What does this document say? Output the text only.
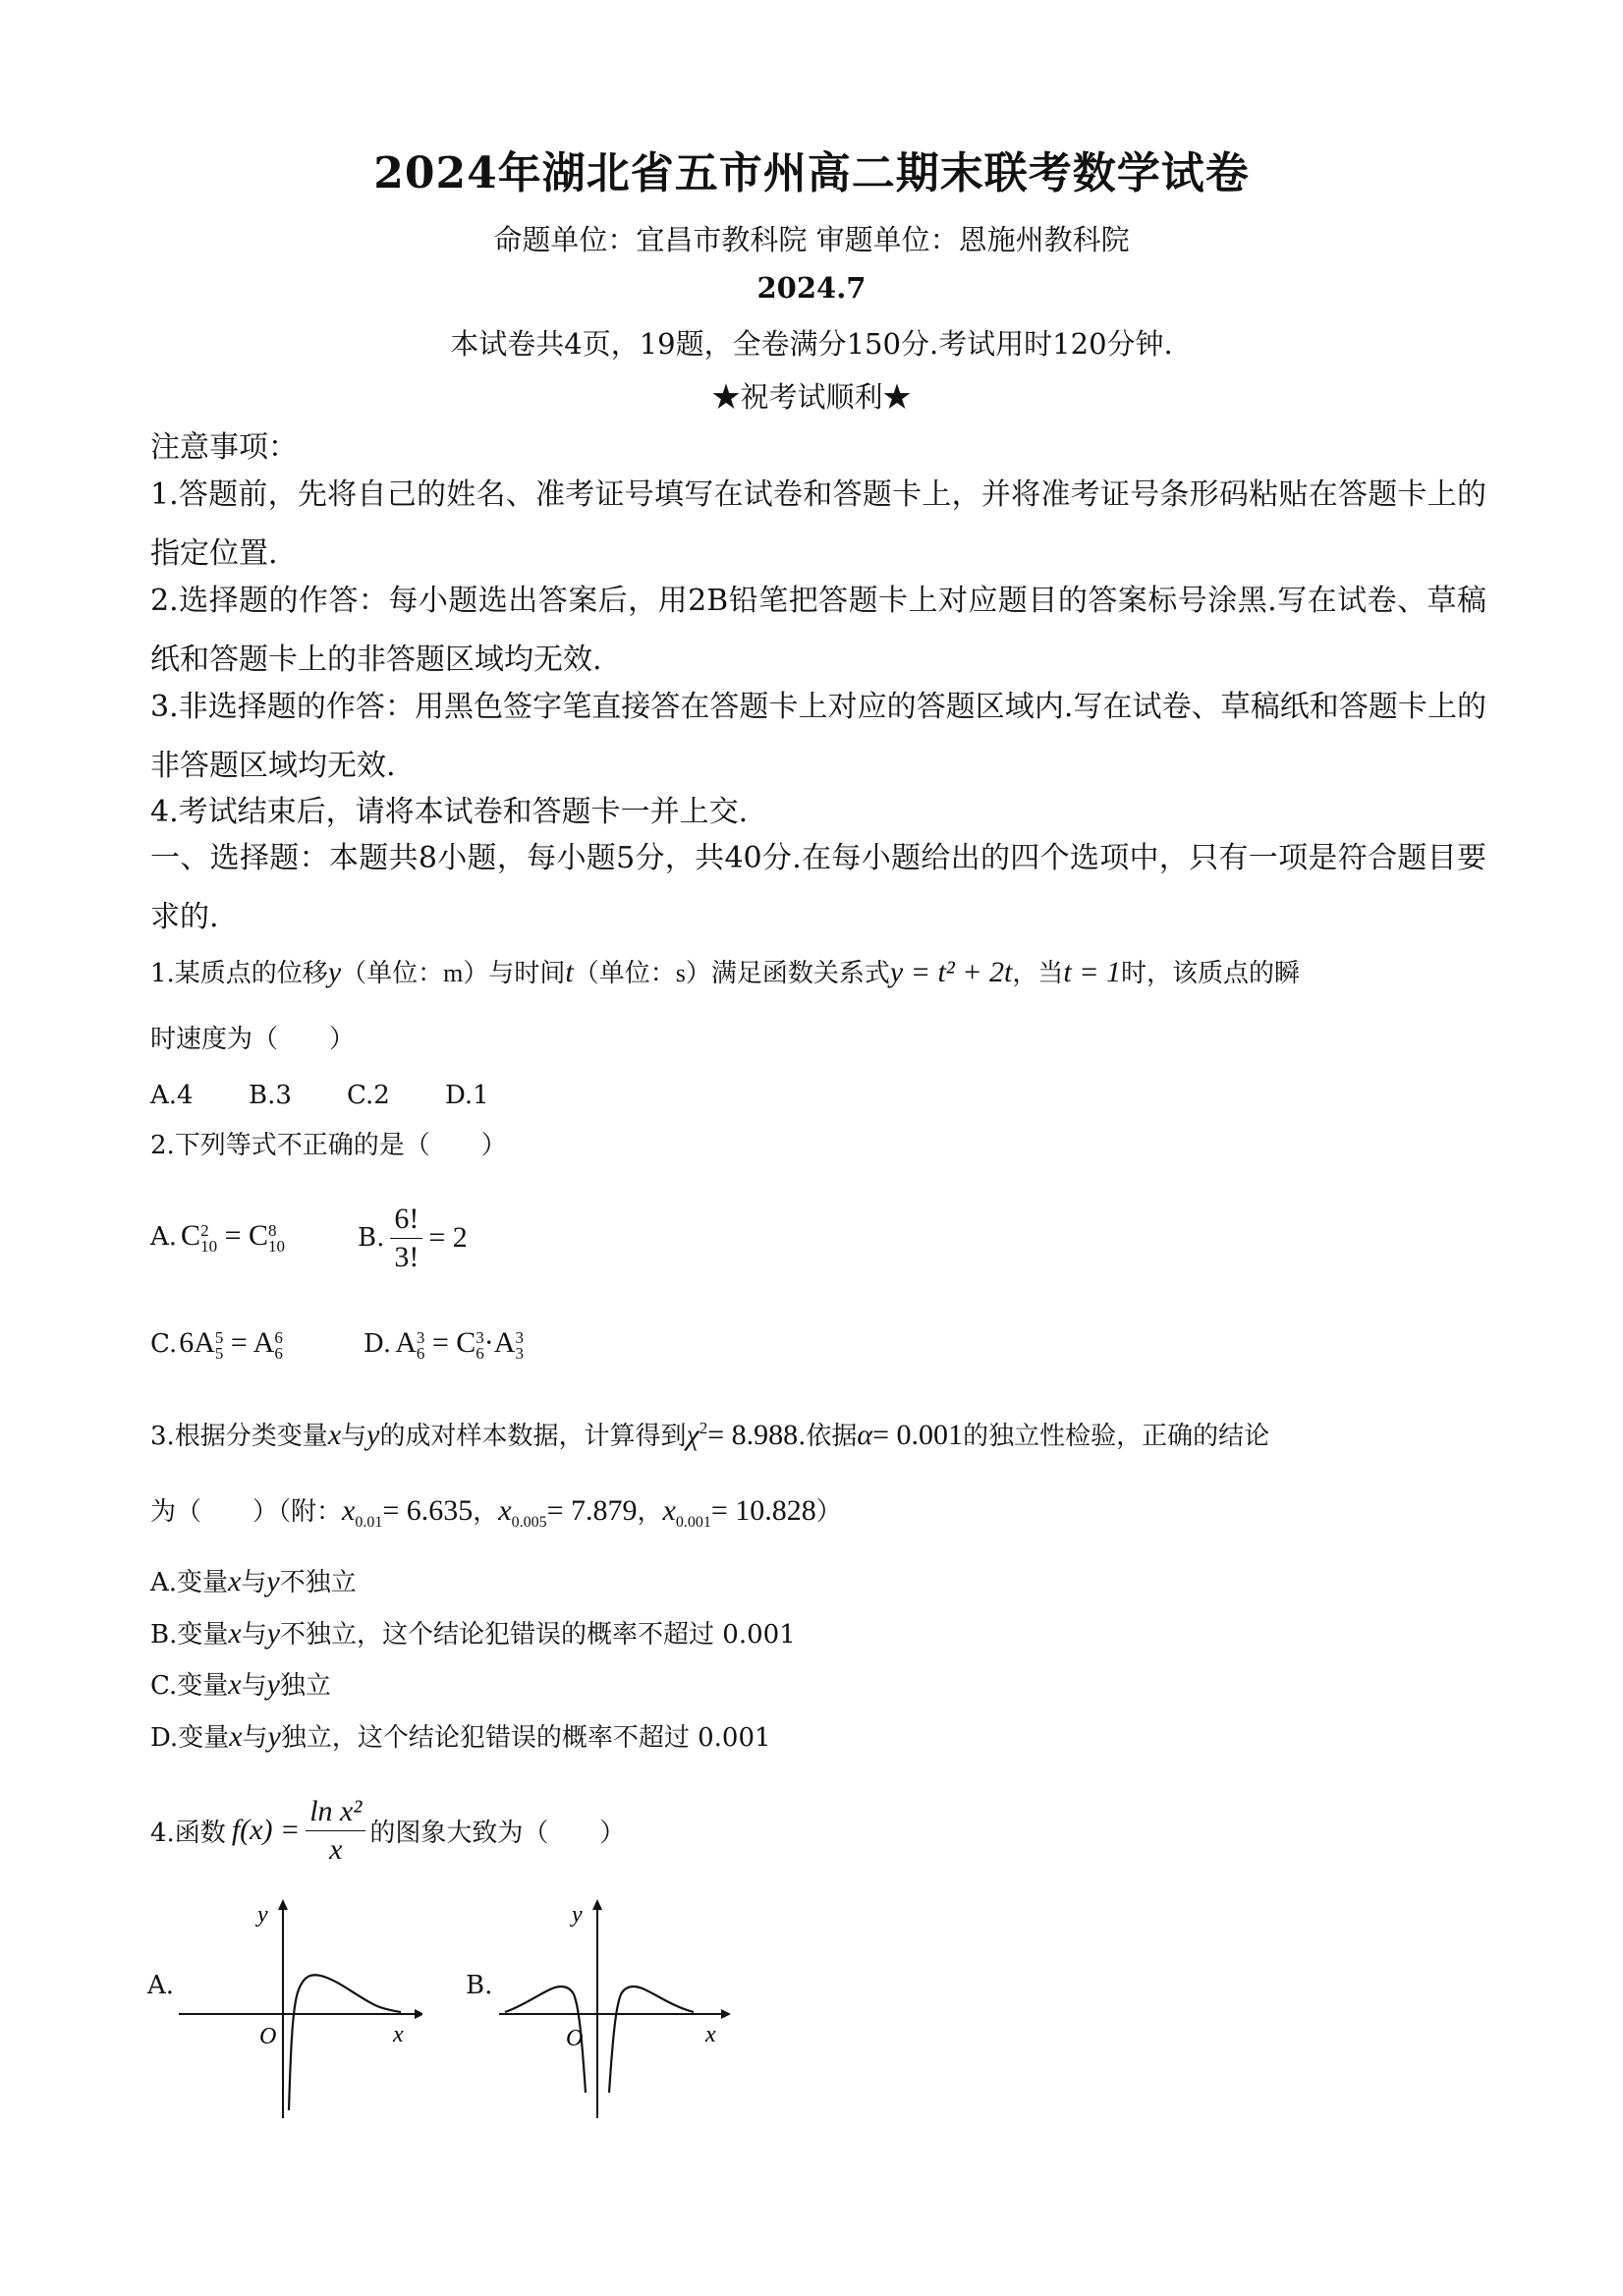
2024年湖北省五市州高二期末联考数学试卷
命题单位：宜昌市教科院 审题单位：恩施州教科院
2024.7
本试卷共4页，19题，全卷满分150分.考试用时120分钟.
★祝考试顺利★
注意事项：
1.答题前，先将自己的姓名、准考证号填写在试卷和答题卡上，并将准考证号条形码粘贴在答题卡上的指定位置.
2.选择题的作答：每小题选出答案后，用2B铅笔把答题卡上对应题目的答案标号涂黑.写在试卷、草稿纸和答题卡上的非答题区域均无效.
3.非选择题的作答：用黑色签字笔直接答在答题卡上对应的答题区域内.写在试卷、草稿纸和答题卡上的非答题区域均无效.
4.考试结束后，请将本试卷和答题卡一并上交.
一、选择题：本题共8小题，每小题5分，共40分.在每小题给出的四个选项中，只有一项是符合题目要求的.
1.某质点的位移y（单位：m）与时间t（单位：s）满足函数关系式y = t² + 2t，当t = 1时，该质点的瞬
时速度为（　　）
A.4 B.3 C.2 D.1
2.下列等式不正确的是（　　）
A. C 2
10 = C 8
10	B. $\frac{6!}{3!} = 2$
C. 6A 5
5 = A 6
6	D. A 3
6 = C 3
6 ·A 3
3
3.根据分类变量x与y的成对样本数据，计算得到$\chi^2= 8.988$.依据α= 0.001的独立性检验，正确的结论
为（　　）（附：$x_{0.01}= 6.635$，$x_{0.005}= 7.879$，$x_{0.001}= 10.828$）
A.变量x与y不独立
B.变量x与y不独立，这个结论犯错误的概率不超过 0.001
C.变量x与y独立
D.变量x与y独立，这个结论犯错误的概率不超过 0.001
4.函数 $f(x) = \frac{\text{ln x²}}{x}$ 的图象大致为（　　）
A.
y
x
O
B.
y
x
O
